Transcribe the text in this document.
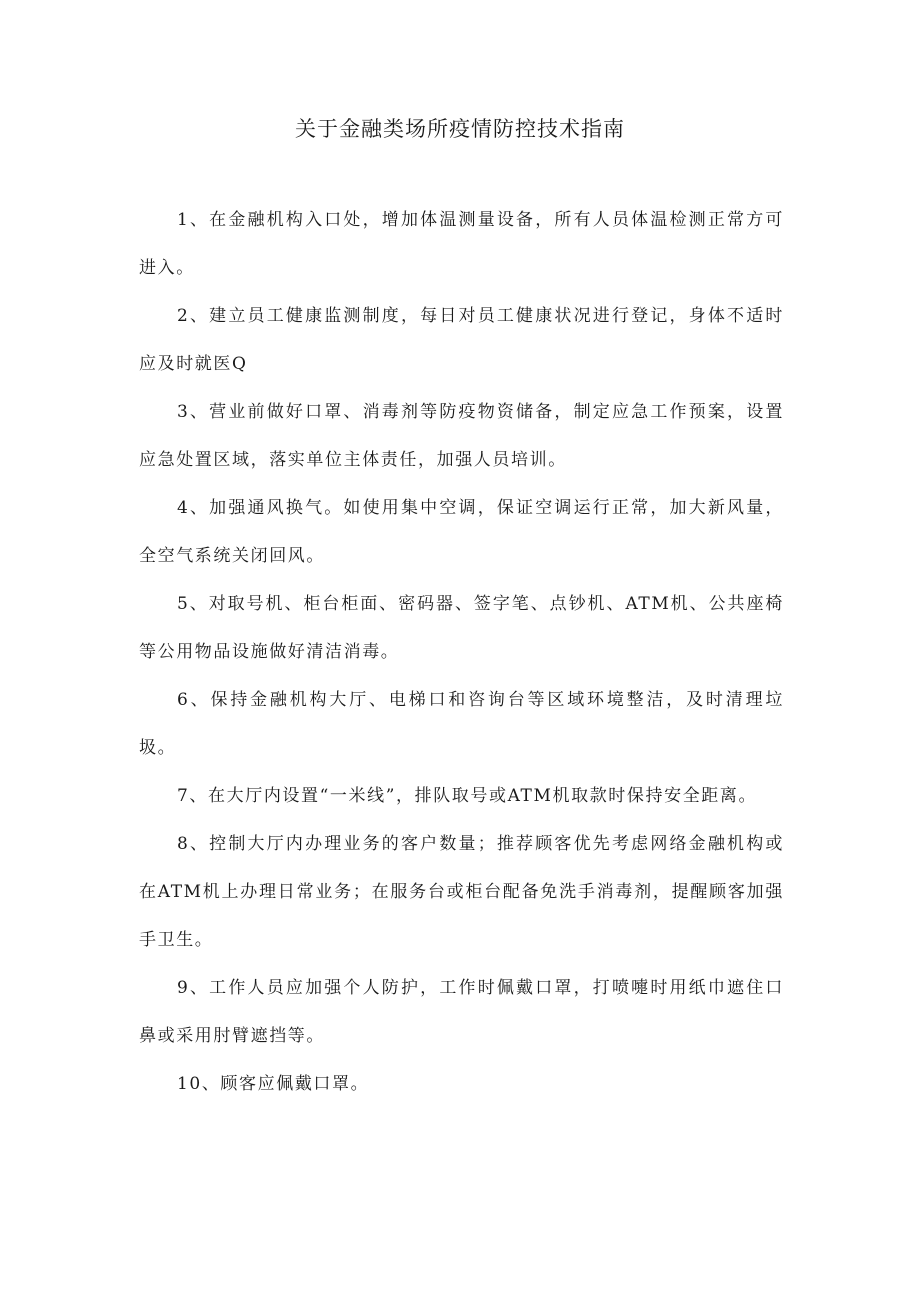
关于金融类场所疫情防控技术指南

1、在金融机构入口处，增加体温测量设备，所有人员体温检测正常方可进入。

2、建立员工健康监测制度，每日对员工健康状况进行登记，身体不适时应及时就医Q

3、营业前做好口罩、消毒剂等防疫物资储备，制定应急工作预案，设置应急处置区域，落实单位主体责任，加强人员培训。

4、加强通风换气。如使用集中空调，保证空调运行正常，加大新风量，全空气系统关闭回风。

5、对取号机、柜台柜面、密码器、签字笔、点钞机、ATM机、公共座椅等公用物品设施做好清洁消毒。

6、保持金融机构大厅、电梯口和咨询台等区域环境整洁，及时清理垃圾。

7、在大厅内设置“一米线”，排队取号或ATM机取款时保持安全距离。

8、控制大厅内办理业务的客户数量；推荐顾客优先考虑网络金融机构或在ATM机上办理日常业务；在服务台或柜台配备免洗手消毒剂，提醒顾客加强手卫生。

9、工作人员应加强个人防护，工作时佩戴口罩，打喷嚏时用纸巾遮住口鼻或采用肘臂遮挡等。

10、顾客应佩戴口罩。
